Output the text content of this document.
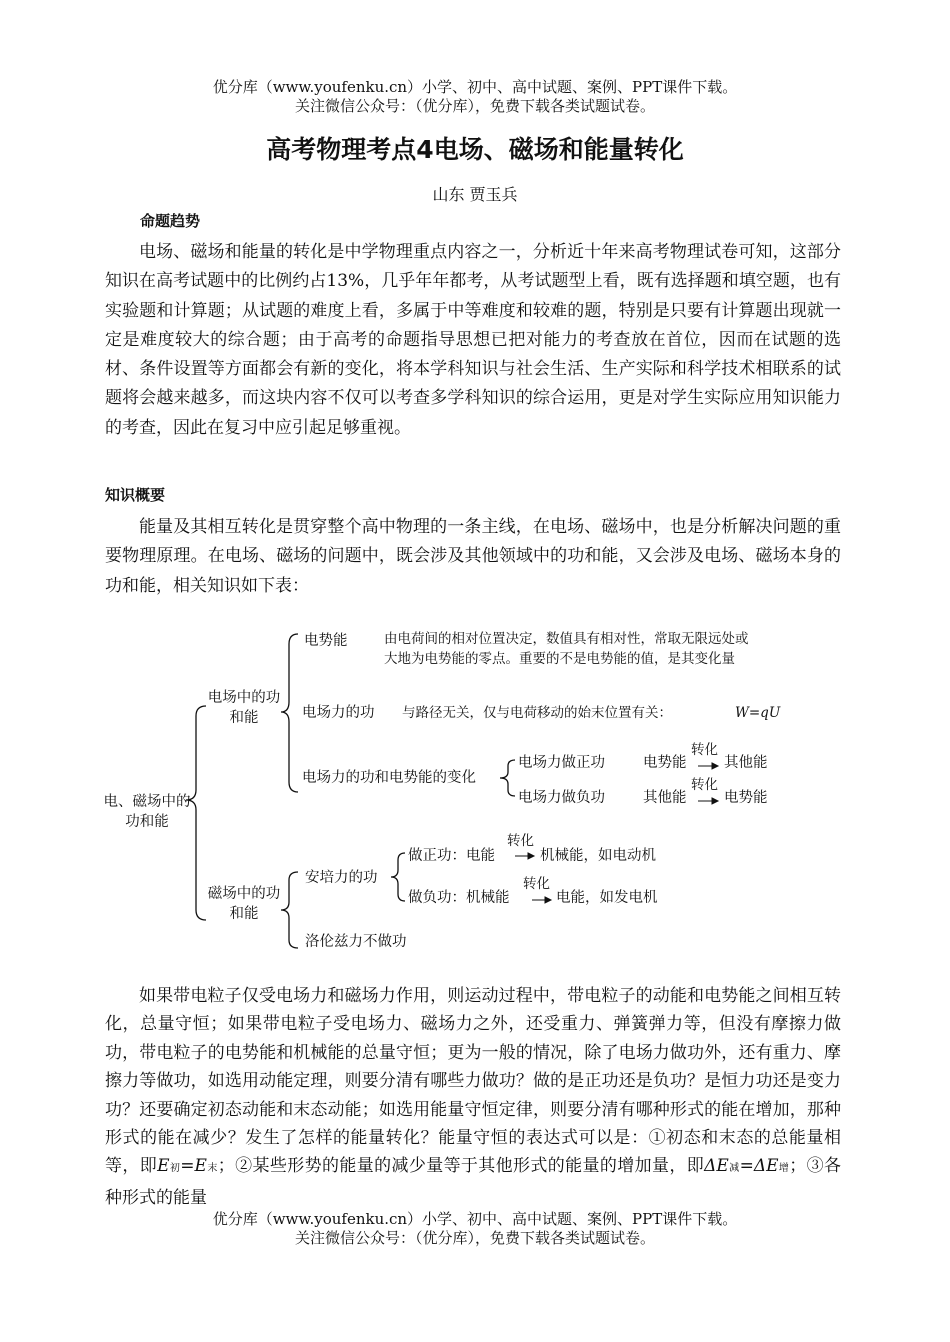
优分库（www.youfenku.cn）小学、初中、高中试题、案例、PPT课件下载。
关注微信公众号：（优分库），免费下载各类试题试卷。
高考物理考点4电场、磁场和能量转化
山东 贾玉兵
命题趋势

电场、磁场和能量的转化是中学物理重点内容之一，分析近十年来高考物理试卷可知，这部分知识在高考试题中的比例约占13%，几乎年年都考，从考试题型上看，既有选择题和填空题，也有实验题和计算题；从试题的难度上看，多属于中等难度和较难的题，特别是只要有计算题出现就一定是难度较大的综合题；由于高考的命题指导思想已把对能力的考查放在首位，因而在试题的选材、条件设置等方面都会有新的变化，将本学科知识与社会生活、生产实际和科学技术相联系的试题将会越来越多，而这块内容不仅可以考查多学科知识的综合运用，更是对学生实际应用知识能力的考查，因此在复习中应引起足够重视。

知识概要

能量及其相互转化是贯穿整个高中物理的一条主线，在电场、磁场中，也是分析解决问题的重要物理原理。在电场、磁场的问题中，既会涉及其他领域中的功和能，又会涉及电场、磁场本身的功和能，相关知识如下表：

电、磁场中的功和能
电场中的功和能
电势能	由电荷间的相对位置决定，数值具有相对性，常取无限远处或
大地为电势能的零点。重要的不是电势能的值，是其变化量
电场力的功 与路径无关，仅与电荷移动的始末位置有关：	W=qU
电场力的功和电势能的变化
电场力做正功	电势能
转化
其他能
电场力做负功	其他能
转化
电势能
磁场中的功和能
安培力的功
做正功：电能
转化
机械能，如电动机
做负功：机械能
转化
电能，如发电机
洛伦兹力不做功

如果带电粒子仅受电场力和磁场力作用，则运动过程中，带电粒子的动能和电势能之间相互转化，总量守恒；如果带电粒子受电场力、磁场力之外，还受重力、弹簧弹力等，但没有摩擦力做功，带电粒子的电势能和机械能的总量守恒；更为一般的情况，除了电场力做功外，还有重力、摩擦力等做功，如选用动能定理，则要分清有哪些力做功？做的是正功还是负功？是恒力功还是变力功？还要确定初态动能和末态动能；如选用能量守恒定律，则要分清有哪种形式的能在增加，那种形式的能在减少？发生了怎样的能量转化？能量守恒的表达式可以是：①初态和末态的总能量相等，即E初=E末；②某些形势的能量的减少量等于其他形式的能量的增加量，即ΔE减=ΔE增；③各种形式的能量

优分库（www.youfenku.cn）小学、初中、高中试题、案例、PPT课件下载。
关注微信公众号：（优分库），免费下载各类试题试卷。
